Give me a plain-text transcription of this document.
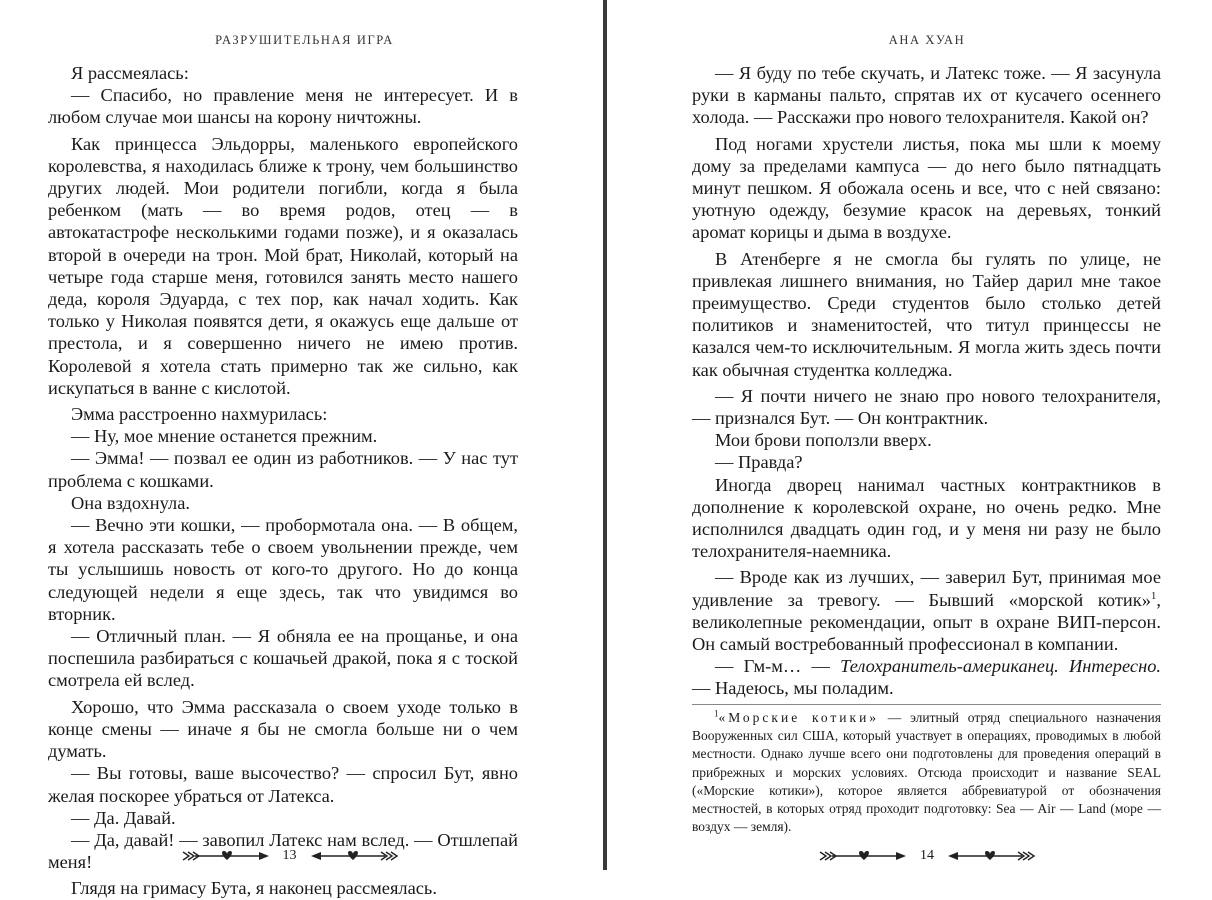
РАЗРУШИТЕЛЬНАЯ ИГРА

Я рассмеялась:

— Спасибо, но правление меня не интересует. И в любом случае мои шансы на корону ничтожны.

Как принцесса Эльдорры, маленького европейского королевства, я находилась ближе к трону, чем большинство других людей. Мои родители погибли, когда я была ребенком (мать — во время родов, отец — в автокатастрофе несколькими годами позже), и я оказалась второй в очереди на трон. Мой брат, Николай, который на четыре года старше меня, готовился занять место нашего деда, короля Эдуарда, с тех пор, как начал ходить. Как только у Николая появятся дети, я окажусь еще дальше от престола, и я совершенно ничего не имею против. Королевой я хотела стать примерно так же сильно, как искупаться в ванне с кислотой.

Эмма расстроенно нахмурилась:

— Ну, мое мнение останется прежним.

— Эмма! — позвал ее один из работников. — У нас тут проблема с кошками.

Она вздохнула.

— Вечно эти кошки, — пробормотала она. — В общем, я хотела рассказать тебе о своем увольнении прежде, чем ты услышишь новость от кого-то другого. Но до конца следующей недели я еще здесь, так что увидимся во вторник.

— Отличный план. — Я обняла ее на прощанье, и она поспешила разбираться с кошачьей дракой, пока я с тоской смотрела ей вслед.

Хорошо, что Эмма рассказала о своем уходе только в конце смены — иначе я бы не смогла больше ни о чем думать.

— Вы готовы, ваше высочество? — спросил Бут, явно желая поскорее убраться от Латекса.

— Да. Давай.

— Да, давай! — завопил Латекс нам вслед. — Отшлепай меня!

Глядя на гримасу Бута, я наконец рассмеялась.

13
АНА ХУАН

— Я буду по тебе скучать, и Латекс тоже. — Я засунула руки в карманы пальто, спрятав их от кусачего осеннего холода. — Расскажи про нового телохранителя. Какой он?

Под ногами хрустели листья, пока мы шли к моему дому за пределами кампуса — до него было пятнадцать минут пешком. Я обожала осень и все, что с ней связано: уютную одежду, безумие красок на деревьях, тонкий аромат корицы и дыма в воздухе.

В Атенберге я не смогла бы гулять по улице, не привлекая лишнего внимания, но Тайер дарил мне такое преимущество. Среди студентов было столько детей политиков и знаменитостей, что титул принцессы не казался чем-то исключительным. Я могла жить здесь почти как обычная студентка колледжа.

— Я почти ничего не знаю про нового телохранителя, — признался Бут. — Он контрактник.

Мои брови поползли вверх.

— Правда?

Иногда дворец нанимал частных контрактников в дополнение к королевской охране, но очень редко. Мне исполнился двадцать один год, и у меня ни разу не было телохранителя-наемника.

— Вроде как из лучших, — заверил Бут, принимая мое удивление за тревогу. — Бывший «морской котик»$^1$, великолепные рекомендации, опыт в охране ВИП-персон. Он самый востребованный профессионал в компании.

— Гм-м… — Телохранитель-американец. Интересно. — Надеюсь, мы поладим.

$^1$«Морские котики» — элитный отряд специального назначения Вооруженных сил США, который участвует в операциях, проводимых в любой местности. Однако лучше всего они подготовлены для проведения операций в прибрежных и морских условиях. Отсюда происходит и название SEAL («Морские котики»), которое является аббревиатурой от обозначения местностей, в которых отряд проходит подготовку: Sea — Air — Land (море — воздух — земля).

14
